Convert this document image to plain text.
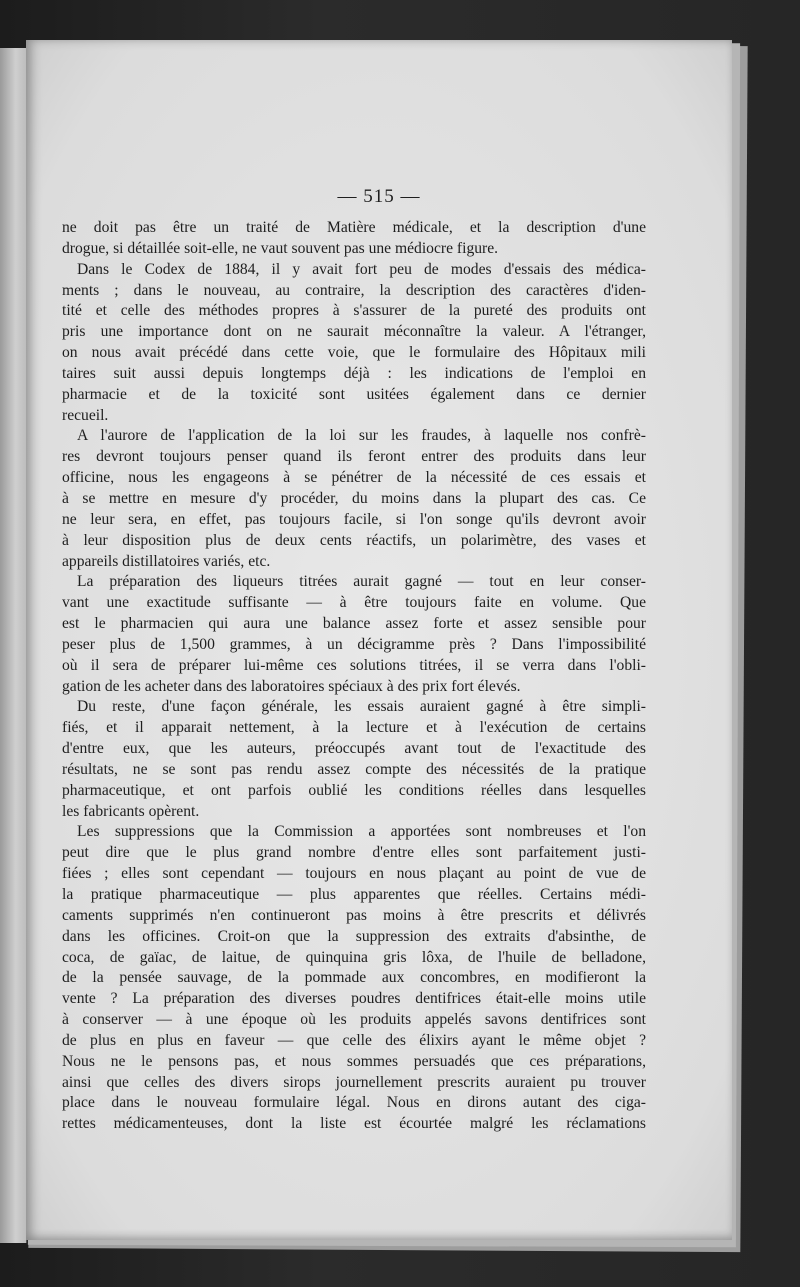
— 515 —
ne doit pas être un traité de Matière médicale, et la description d'une
drogue, si détaillée soit-elle, ne vaut souvent pas une médiocre figure.
Dans le Codex de 1884, il y avait fort peu de modes d'essais des médica-
ments ; dans le nouveau, au contraire, la description des caractères d'iden-
tité et celle des méthodes propres à s'assurer de la pureté des produits ont
pris une importance dont on ne saurait méconnaître la valeur. A l'étranger,
on nous avait précédé dans cette voie, que le formulaire des Hôpitaux mili
taires suit aussi depuis longtemps déjà : les indications de l'emploi en
pharmacie et de la toxicité sont usitées également dans ce dernier
recueil.
A l'aurore de l'application de la loi sur les fraudes, à laquelle nos confrè-
res devront toujours penser quand ils feront entrer des produits dans leur
officine, nous les engageons à se pénétrer de la nécessité de ces essais et
à se mettre en mesure d'y procéder, du moins dans la plupart des cas. Ce
ne leur sera, en effet, pas toujours facile, si l'on songe qu'ils devront avoir
à leur disposition plus de deux cents réactifs, un polarimètre, des vases et
appareils distillatoires variés, etc.
La préparation des liqueurs titrées aurait gagné — tout en leur conser-
vant une exactitude suffisante — à être toujours faite en volume. Que
est le pharmacien qui aura une balance assez forte et assez sensible pour
peser plus de 1,500 grammes, à un décigramme près ? Dans l'impossibilité
où il sera de préparer lui-même ces solutions titrées, il se verra dans l'obli-
gation de les acheter dans des laboratoires spéciaux à des prix fort élevés.
Du reste, d'une façon générale, les essais auraient gagné à être simpli-
fiés, et il apparait nettement, à la lecture et à l'exécution de certains
d'entre eux, que les auteurs, préoccupés avant tout de l'exactitude des
résultats, ne se sont pas rendu assez compte des nécessités de la pratique
pharmaceutique, et ont parfois oublié les conditions réelles dans lesquelles
les fabricants opèrent.
Les suppressions que la Commission a apportées sont nombreuses et l'on
peut dire que le plus grand nombre d'entre elles sont parfaitement justi-
fiées ; elles sont cependant — toujours en nous plaçant au point de vue de
la pratique pharmaceutique — plus apparentes que réelles. Certains médi-
caments supprimés n'en continueront pas moins à être prescrits et délivrés
dans les officines. Croit-on que la suppression des extraits d'absinthe, de
coca, de gaïac, de laitue, de quinquina gris lôxa, de l'huile de belladone,
de la pensée sauvage, de la pommade aux concombres, en modifieront la
vente ? La préparation des diverses poudres dentifrices était-elle moins utile
à conserver — à une époque où les produits appelés savons dentifrices sont
de plus en plus en faveur — que celle des élixirs ayant le même objet ?
Nous ne le pensons pas, et nous sommes persuadés que ces préparations,
ainsi que celles des divers sirops journellement prescrits auraient pu trouver
place dans le nouveau formulaire légal. Nous en dirons autant des ciga-
rettes médicamenteuses, dont la liste est écourtée malgré les réclamations
